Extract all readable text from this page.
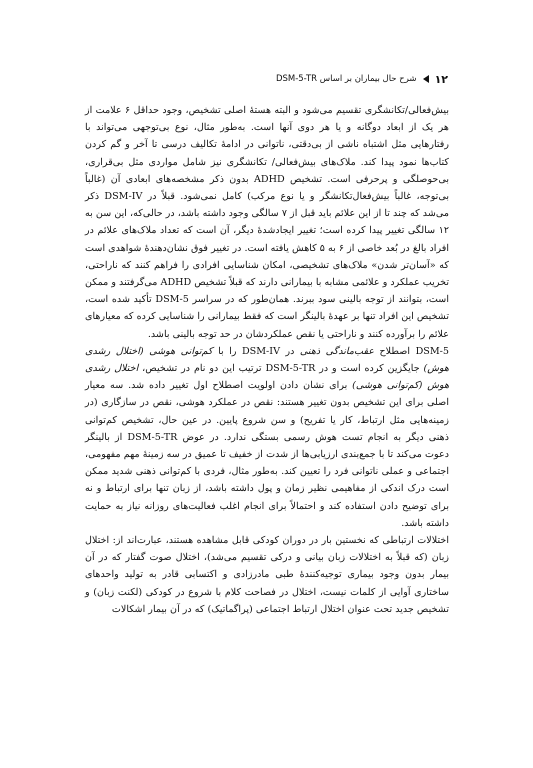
۱۲
شرح حال بیماران بر اساس DSM-5-TR

بیش‌فعالی/تکانشگری تقسیم می‌شود و البته هستهٔ اصلی تشخیص، وجود حداقل ۶ علامت از هر یک از ابعاد دوگانه و یا هر دوی آنها است. به‌طور مثال، نوع بی‌توجهی می‌تواند با رفتارهایی مثل اشتباه ناشی از بی‌دقتی، ناتوانی در ادامهٔ تکالیف درسی تا آخر و گم کردن کتاب‌ها نمود پیدا کند. ملاک‌های بیش‌فعالی/ تکانشگری نیز شامل مواردی مثل بی‌قراری، بی‌حوصلگی و پرحرفی است. تشخیص ADHD بدون ذکر مشخصه‌های ابعادی آن (غالباً بی‌توجه، غالباً بیش‌فعال‌تکانشگر و یا نوع مرکب) کامل نمی‌شود. قبلاً در DSM-IV ذکر می‌شد که چند تا از این علائم باید قبل از ۷ سالگی وجود داشته باشد، در حالی‌که، این سن به ۱۲ سالگی تغییر پیدا کرده است؛ تغییر ایجادشدهٔ دیگر، آن است که تعداد ملاک‌های علائم در افراد بالغ در بُعد خاصی از ۶ به ۵ کاهش یافته است. در تغییر فوق نشان‌دهندهٔ شواهدی است که «آسان‌تر شدن» ملاک‌های تشخیصی، امکان شناسایی افرادی را فراهم کنند که ناراحتی، تخریب عملکرد و علائمی مشابه با بیمارانی دارند که قبلاً تشخیص ADHD می‌گرفتند و ممکن است، بتوانند از توجه بالینی سود ببرند. همان‌طور که در سراسر DSM-5 تأکید شده است، تشخیص این افراد تنها بر عهدهٔ بالینگر است که فقط بیمارانی را شناسایی کرده که معیارهای علائم را برآورده کنند و ناراحتی یا نقص عملکردشان در حد توجه بالینی باشد.

DSM-5 اصطلاح عقب‌ماندگی ذهنی در DSM-IV را با کم‌توانی هوشی (اختلال رشدی هوش) جایگزین کرده است و در DSM-5-TR ترتیب این دو نام در تشخیص، اختلال رشدی هوش (کم‌توانی هوشی) برای نشان دادن اولویت اصطلاح اول تغییر داده شد. سه معیار اصلی برای این تشخیص بدون تغییر هستند: نقص در عملکرد هوشی، نقص در سازگاری (در زمینه‌هایی مثل ارتباط، کار یا تفریح) و سن شروع پایین. در عین حال، تشخیص کم‌توانی ذهنی دیگر به انجام تست هوش رسمی بستگی ندارد. در عوض DSM-5-TR از بالینگر دعوت می‌کند تا با جمع‌بندی ارزیابی‌ها از شدت از خفیف تا عمیق در سه زمینهٔ مهم مفهومی، اجتماعی و عملی ناتوانی فرد را تعیین کند. به‌طور مثال، فردی با کم‌توانی ذهنی شدید ممکن است درک اندکی از مفاهیمی نظیر زمان و پول داشته باشد، از زبان تنها برای ارتباط و نه برای توضیح دادن استفاده کند و احتمالاً برای انجام اغلب فعالیت‌های روزانه نیاز به حمایت داشته باشد.

اختلالات ارتباطی که نخستین بار در دوران کودکی قابل مشاهده هستند، عبارت‌اند از: اختلال زبان (که قبلاً به اختلالات زبان بیانی و درکی تقسیم می‌شد)، اختلال صوت گفتار که در آن بیمار بدون وجود بیماری توجیه‌کنندهٔ طبی مادرزادی و اکتسابی قادر به تولید واحدهای ساختاری آوایی از کلمات نیست، اختلال در فصاحت کلام با شروع در کودکی (لکنت زبان) و تشخیص جدید تحت عنوان اختلال ارتباط اجتماعی (پراگماتیک) که در آن بیمار اشکالات
